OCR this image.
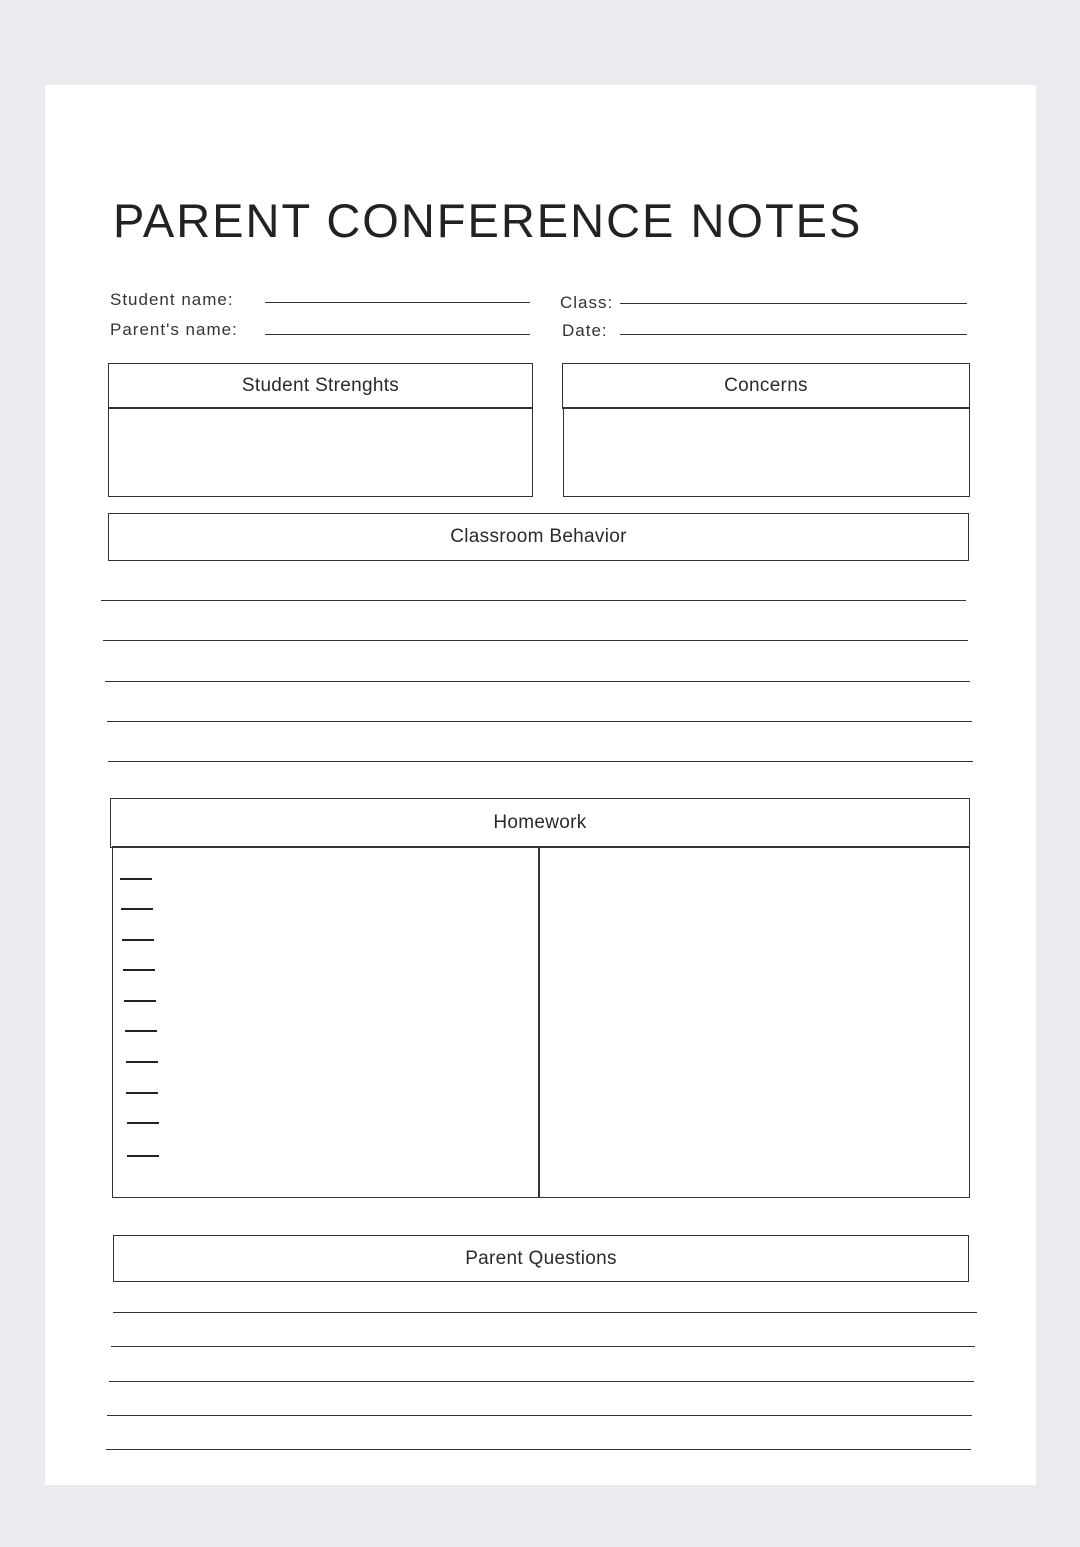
PARENT CONFERENCE NOTES
Student name:
Parent's name:
Class:
Date:
Student Strenghts	Concerns
Classroom Behavior
Homework
Parent Questions
